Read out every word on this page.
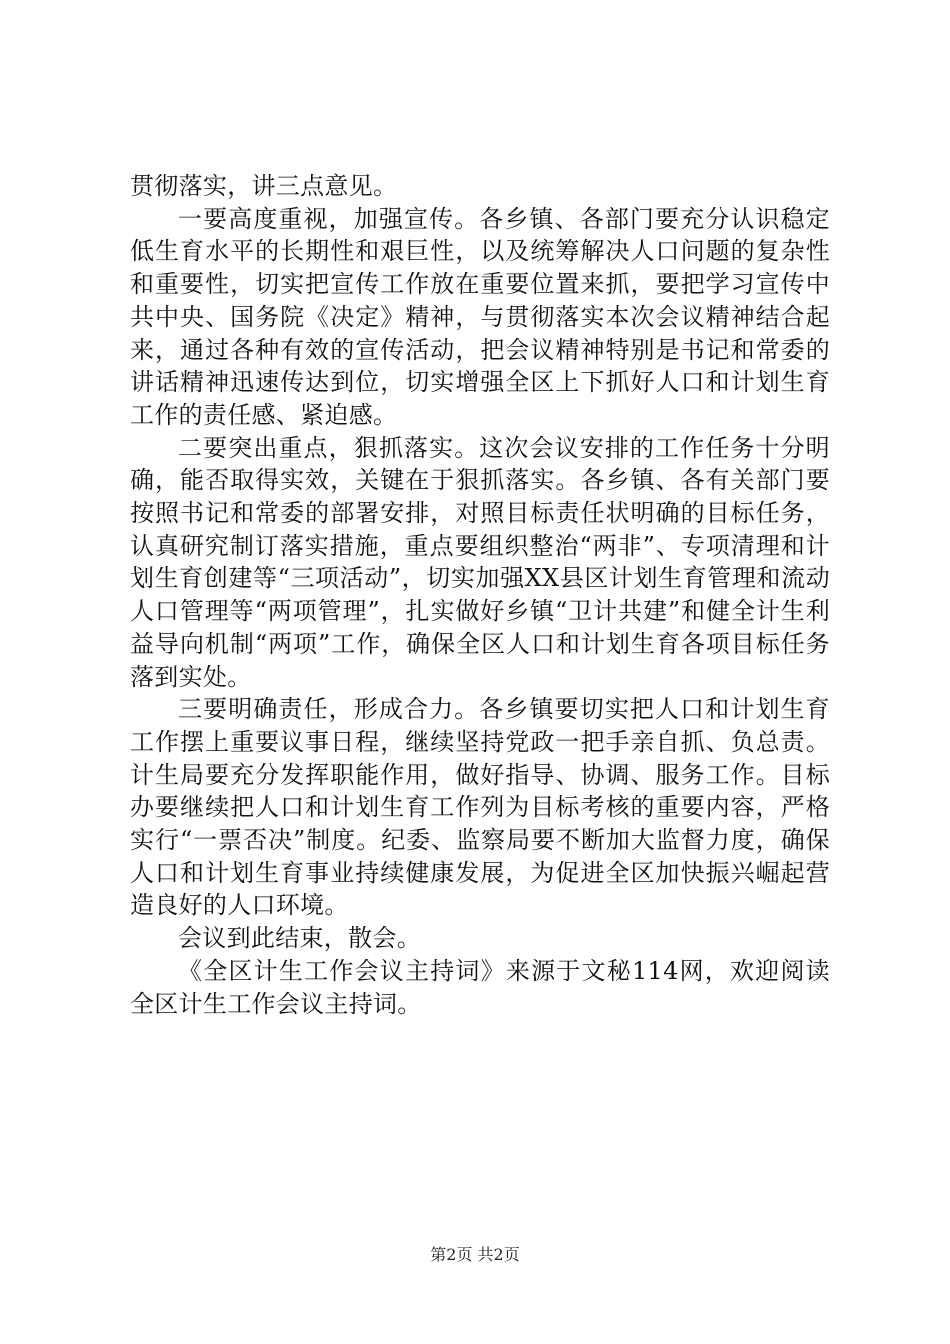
贯彻落实，讲三点意见。

一要高度重视，加强宣传。各乡镇、各部门要充分认识稳定低生育水平的长期性和艰巨性，以及统筹解决人口问题的复杂性和重要性，切实把宣传工作放在重要位置来抓，要把学习宣传中共中央、国务院《决定》精神，与贯彻落实本次会议精神结合起来，通过各种有效的宣传活动，把会议精神特别是书记和常委的讲话精神迅速传达到位，切实增强全区上下抓好人口和计划生育工作的责任感、紧迫感。

二要突出重点，狠抓落实。这次会议安排的工作任务十分明确，能否取得实效，关键在于狠抓落实。各乡镇、各有关部门要按照书记和常委的部署安排，对照目标责任状明确的目标任务，认真研究制订落实措施，重点要组织整治“两非”、专项清理和计划生育创建等“三项活动”，切实加强XX县区计划生育管理和流动人口管理等“两项管理”，扎实做好乡镇“卫计共建”和健全计生利益导向机制“两项”工作，确保全区人口和计划生育各项目标任务落到实处。

三要明确责任，形成合力。各乡镇要切实把人口和计划生育工作摆上重要议事日程，继续坚持党政一把手亲自抓、负总责。计生局要充分发挥职能作用，做好指导、协调、服务工作。目标办要继续把人口和计划生育工作列为目标考核的重要内容，严格实行“一票否决”制度。纪委、监察局要不断加大监督力度，确保人口和计划生育事业持续健康发展，为促进全区加快振兴崛起营造良好的人口环境。

会议到此结束，散会。

《全区计生工作会议主持词》来源于文秘114网，欢迎阅读全区计生工作会议主持词。

第2页 共2页
